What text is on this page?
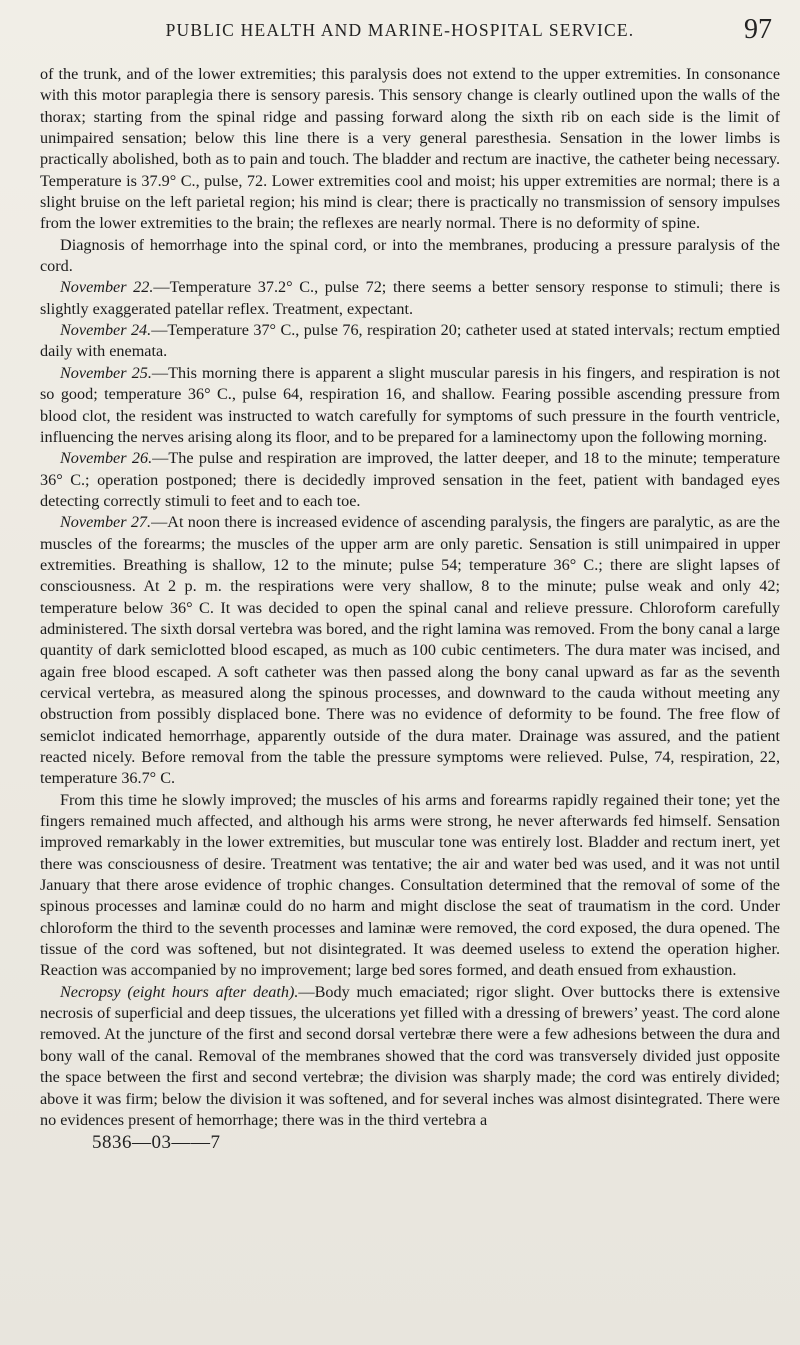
PUBLIC HEALTH AND MARINE-HOSPITAL SERVICE.	97

of the trunk, and of the lower extremities; this paralysis does not extend to the upper extremities. In consonance with this motor paraplegia there is sensory paresis. This sensory change is clearly outlined upon the walls of the thorax; starting from the spinal ridge and passing forward along the sixth rib on each side is the limit of unimpaired sensation; below this line there is a very general paresthesia. Sensation in the lower limbs is practically abolished, both as to pain and touch. The bladder and rectum are inactive, the catheter being necessary. Temperature is 37.9° C., pulse, 72. Lower extremities cool and moist; his upper extremities are normal; there is a slight bruise on the left parietal region; his mind is clear; there is practically no transmission of sensory impulses from the lower extremities to the brain; the reflexes are nearly normal. There is no deformity of spine.

Diagnosis of hemorrhage into the spinal cord, or into the membranes, producing a pressure paralysis of the cord.

November 22.—Temperature 37.2° C., pulse 72; there seems a better sensory response to stimuli; there is slightly exaggerated patellar reflex. Treatment, expectant.

November 24.—Temperature 37° C., pulse 76, respiration 20; catheter used at stated intervals; rectum emptied daily with enemata.

November 25.—This morning there is apparent a slight muscular paresis in his fingers, and respiration is not so good; temperature 36° C., pulse 64, respiration 16, and shallow. Fearing possible ascending pressure from blood clot, the resident was instructed to watch carefully for symptoms of such pressure in the fourth ventricle, influencing the nerves arising along its floor, and to be prepared for a laminectomy upon the following morning.

November 26.—The pulse and respiration are improved, the latter deeper, and 18 to the minute; temperature 36° C.; operation postponed; there is decidedly improved sensation in the feet, patient with bandaged eyes detecting correctly stimuli to feet and to each toe.

November 27.—At noon there is increased evidence of ascending paralysis, the fingers are paralytic, as are the muscles of the forearms; the muscles of the upper arm are only paretic. Sensation is still unimpaired in upper extremities. Breathing is shallow, 12 to the minute; pulse 54; temperature 36° C.; there are slight lapses of consciousness. At 2 p. m. the respirations were very shallow, 8 to the minute; pulse weak and only 42; temperature below 36° C. It was decided to open the spinal canal and relieve pressure. Chloroform carefully administered. The sixth dorsal vertebra was bored, and the right lamina was removed. From the bony canal a large quantity of dark semiclotted blood escaped, as much as 100 cubic centimeters. The dura mater was incised, and again free blood escaped. A soft catheter was then passed along the bony canal upward as far as the seventh cervical vertebra, as measured along the spinous processes, and downward to the cauda without meeting any obstruction from possibly displaced bone. There was no evidence of deformity to be found. The free flow of semiclot indicated hemorrhage, apparently outside of the dura mater. Drainage was assured, and the patient reacted nicely. Before removal from the table the pressure symptoms were relieved. Pulse, 74, respiration, 22, temperature 36.7° C.

From this time he slowly improved; the muscles of his arms and forearms rapidly regained their tone; yet the fingers remained much affected, and although his arms were strong, he never afterwards fed himself. Sensation improved remarkably in the lower extremities, but muscular tone was entirely lost. Bladder and rectum inert, yet there was consciousness of desire. Treatment was tentative; the air and water bed was used, and it was not until January that there arose evidence of trophic changes. Consultation determined that the removal of some of the spinous processes and laminæ could do no harm and might disclose the seat of traumatism in the cord. Under chloroform the third to the seventh processes and laminæ were removed, the cord exposed, the dura opened. The tissue of the cord was softened, but not disintegrated. It was deemed useless to extend the operation higher. Reaction was accompanied by no improvement; large bed sores formed, and death ensued from exhaustion.

Necropsy (eight hours after death).—Body much emaciated; rigor slight. Over buttocks there is extensive necrosis of superficial and deep tissues, the ulcerations yet filled with a dressing of brewers’ yeast. The cord alone removed. At the juncture of the first and second dorsal vertebræ there were a few adhesions between the dura and bony wall of the canal. Removal of the membranes showed that the cord was transversely divided just opposite the space between the first and second vertebræ; the division was sharply made; the cord was entirely divided; above it was firm; below the division it was softened, and for several inches was almost disintegrated. There were no evidences present of hemorrhage; there was in the third vertebra a

5836—03——7
